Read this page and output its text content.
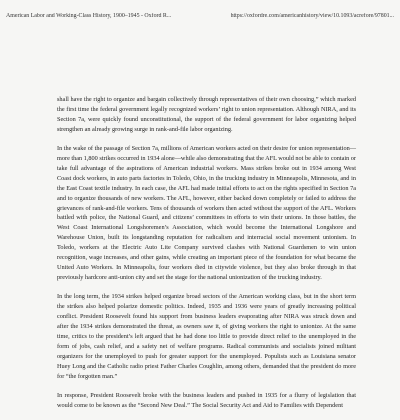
American Labor and Working-Class History, 1900–1945 - Oxford R...	https://oxfordre.com/americanhistory/view/10.1093/acrefore/97801...

shall have the right to organize and bargain collectively through representatives of their own choosing,” which marked the first time the federal government legally recognized workers’ right to union representation. Although NIRA, and its Section 7a, were quickly found unconstitutional, the support of the federal government for labor organizing helped strengthen an already growing surge in rank-and-file labor organizing.

In the wake of the passage of Section 7a, millions of American workers acted on their desire for union representation—more than 1,800 strikes occurred in 1934 alone—while also demonstrating that the AFL would not be able to contain or take full advantage of the aspirations of American industrial workers. Mass strikes broke out in 1934 among West Coast dock workers, in auto parts factories in Toledo, Ohio, in the trucking industry in Minneapolis, Minnesota, and in the East Coast textile industry. In each case, the AFL had made initial efforts to act on the rights specified in Section 7a and to organize thousands of new workers. The AFL, however, either backed down completely or failed to address the grievances of rank-and-file workers. Tens of thousands of workers then acted without the support of the AFL. Workers battled with police, the National Guard, and citizens’ committees in efforts to win their unions. In those battles, the West Coast International Longshoremen’s Association, which would become the International Longshore and Warehouse Union, built its longstanding reputation for radicalism and interracial social movement unionism. In Toledo, workers at the Electric Auto Lite Company survived clashes with National Guardsmen to win union recognition, wage increases, and other gains, while creating an important piece of the foundation for what became the United Auto Workers. In Minneapolis, four workers died in citywide violence, but they also broke through in that previously hardcore anti-union city and set the stage for the national unionization of the trucking industry.

In the long term, the 1934 strikes helped organize broad sectors of the American working class, but in the short term the strikes also helped polarize domestic politics. Indeed, 1935 and 1936 were years of greatly increasing political conflict. President Roosevelt found his support from business leaders evaporating after NIRA was struck down and after the 1934 strikes demonstrated the threat, as owners saw it, of giving workers the right to unionize. At the same time, critics to the president’s left argued that he had done too little to provide direct relief to the unemployed in the form of jobs, cash relief, and a safety net of welfare programs. Radical communists and socialists joined militant organizers for the unemployed to push for greater support for the unemployed. Populists such as Louisiana senator Huey Long and the Catholic radio priest Father Charles Coughlin, among others, demanded that the president do more for “the forgotten man.”

In response, President Roosevelt broke with the business leaders and pushed in 1935 for a flurry of legislation that would come to be known as the “Second New Deal.” The Social Security Act and Aid to Families with Dependent
